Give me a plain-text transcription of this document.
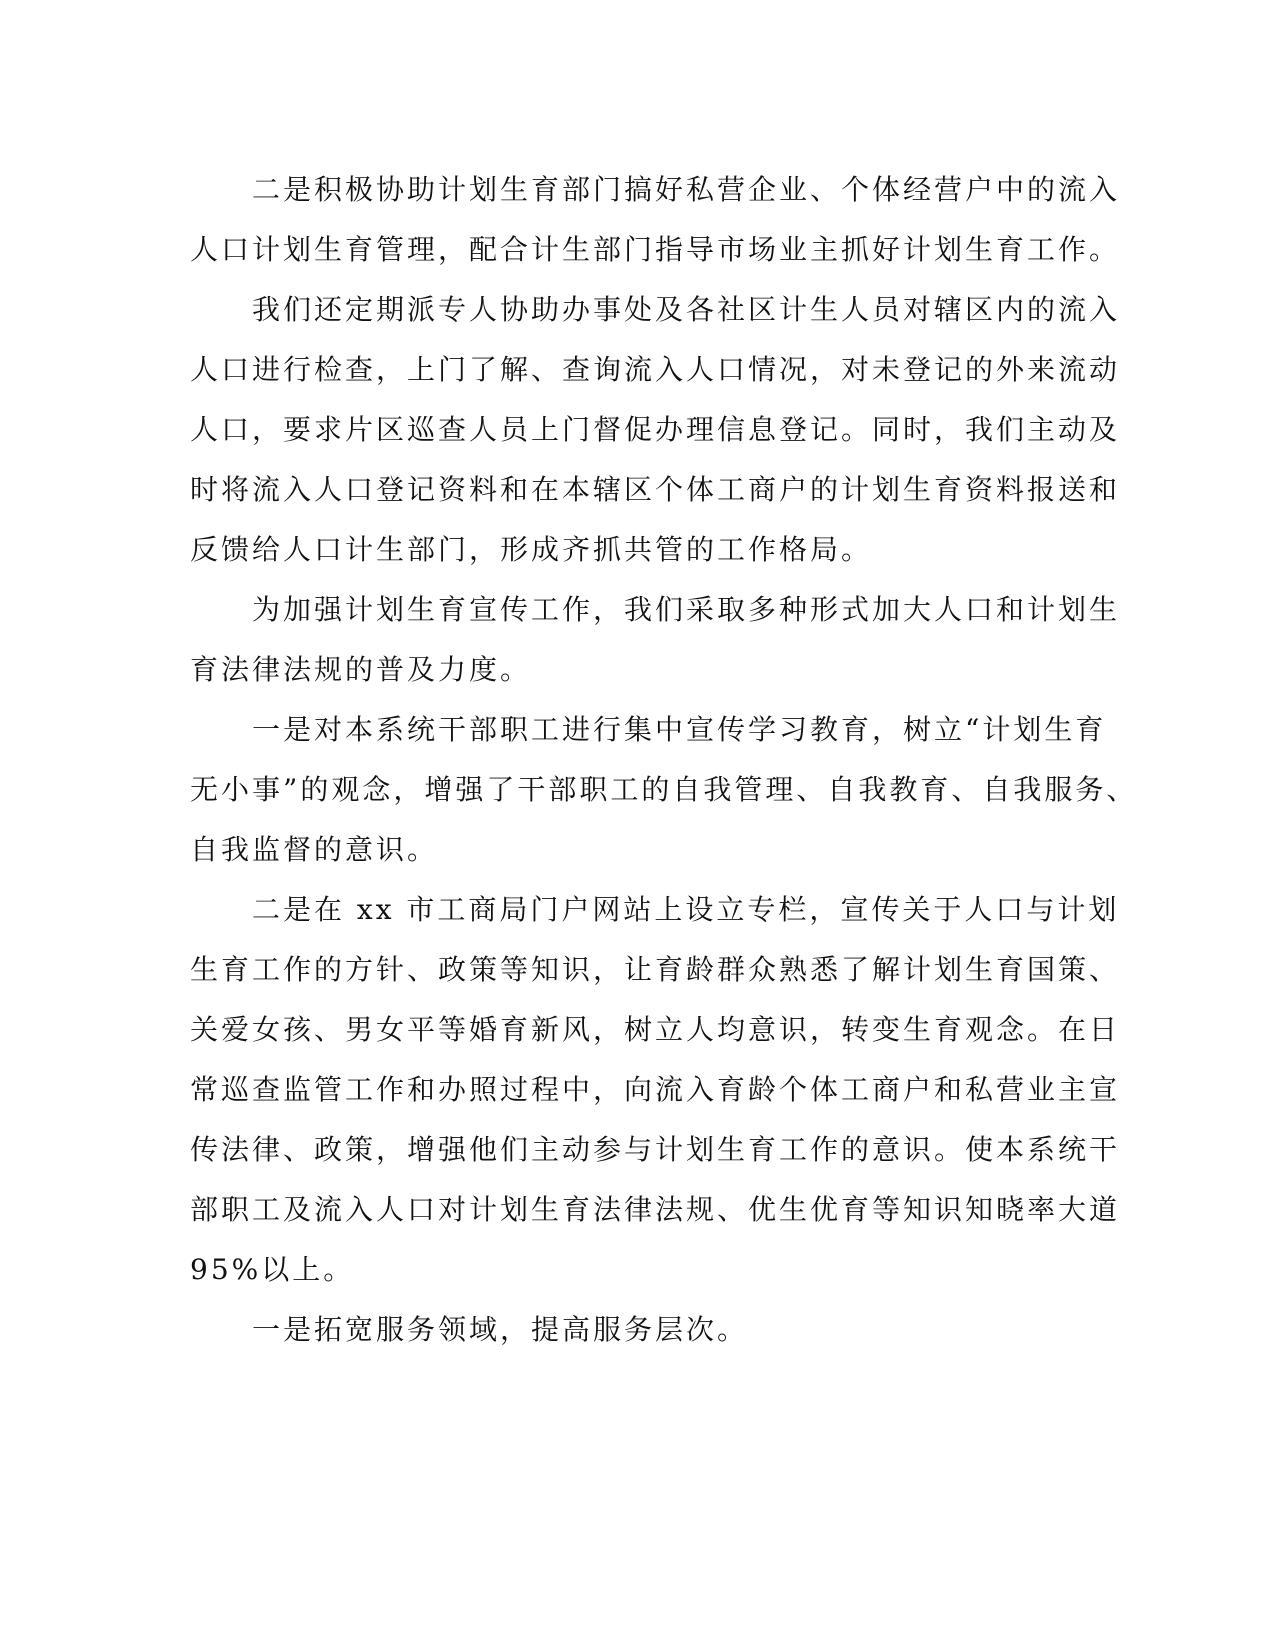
二是积极协助计划生育部门搞好私营企业、个体经营户中的流入
人口计划生育管理，配合计生部门指导市场业主抓好计划生育工作。

我们还定期派专人协助办事处及各社区计生人员对辖区内的流入
人口进行检查，上门了解、查询流入人口情况，对未登记的外来流动
人口，要求片区巡查人员上门督促办理信息登记。同时，我们主动及
时将流入人口登记资料和在本辖区个体工商户的计划生育资料报送和
反馈给人口计生部门，形成齐抓共管的工作格局。

为加强计划生育宣传工作，我们采取多种形式加大人口和计划生
育法律法规的普及力度。

一是对本系统干部职工进行集中宣传学习教育，树立“计划生育
无小事”的观念，增强了干部职工的自我管理、自我教育、自我服务、
自我监督的意识。

二是在 xx 市工商局门户网站上设立专栏，宣传关于人口与计划
生育工作的方针、政策等知识，让育龄群众熟悉了解计划生育国策、
关爱女孩、男女平等婚育新风，树立人均意识，转变生育观念。在日
常巡查监管工作和办照过程中，向流入育龄个体工商户和私营业主宣
传法律、政策，增强他们主动参与计划生育工作的意识。使本系统干
部职工及流入人口对计划生育法律法规、优生优育等知识知晓率大道
95%以上。

一是拓宽服务领域，提高服务层次。
